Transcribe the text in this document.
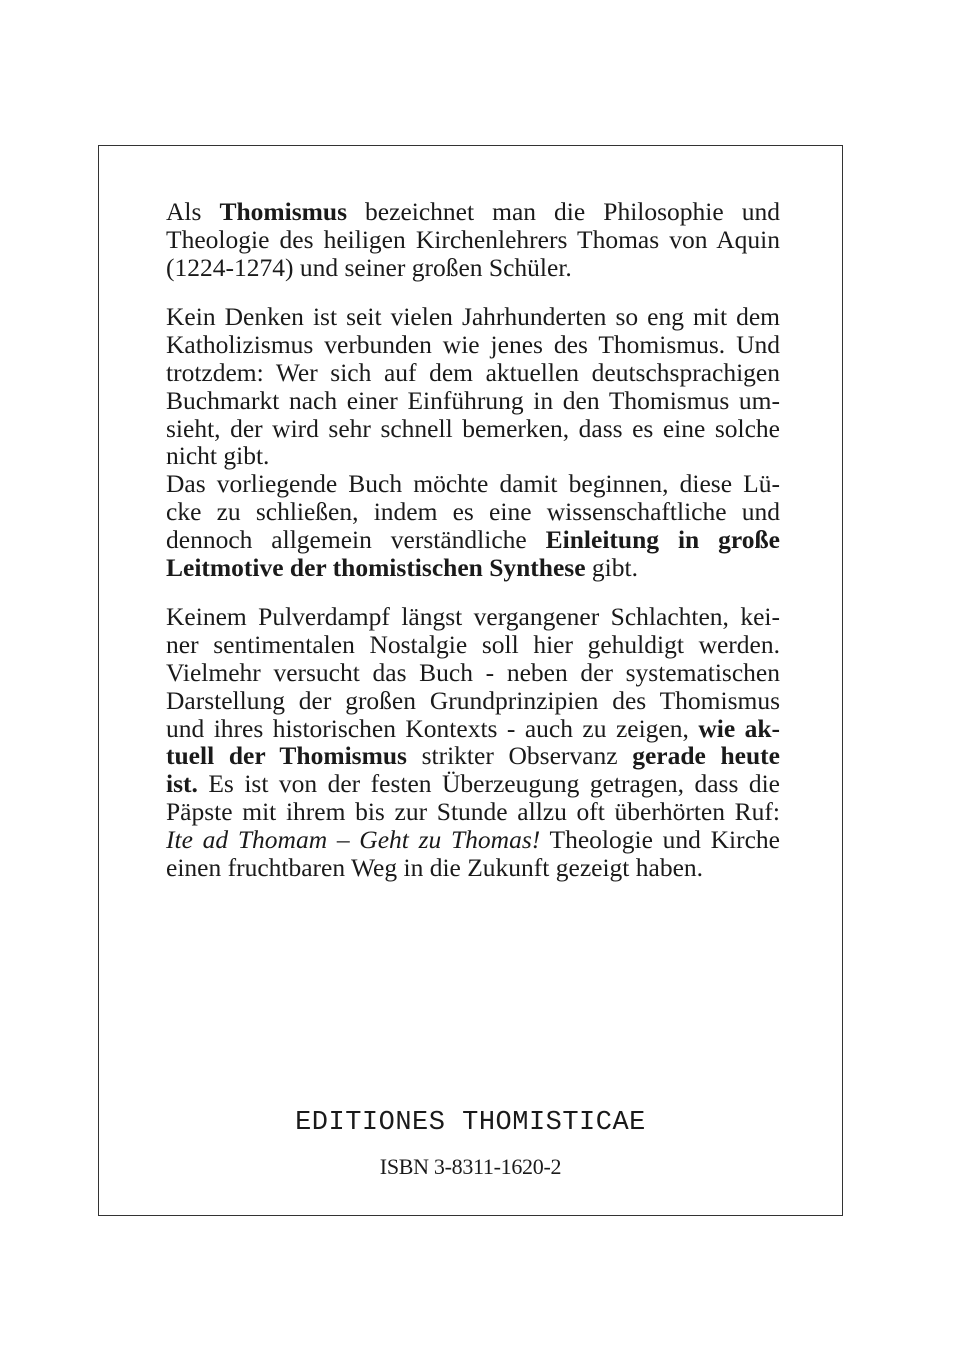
Als Thomismus bezeichnet man die Philosophie und
Theologie des heiligen Kirchenlehrers Thomas von Aquin
(1224-1274) und seiner großen Schüler.
Kein Denken ist seit vielen Jahrhunderten so eng mit dem
Katholizismus verbunden wie jenes des Thomismus. Und
trotzdem: Wer sich auf dem aktuellen deutschsprachigen
Buchmarkt nach einer Einführung in den Thomismus um-
sieht, der wird sehr schnell bemerken, dass es eine solche
nicht gibt.
Das vorliegende Buch möchte damit beginnen, diese Lü-
cke zu schließen, indem es eine wissenschaftliche und
dennoch allgemein verständliche Einleitung in große
Leitmotive der thomistischen Synthese gibt.
Keinem Pulverdampf längst vergangener Schlachten, kei-
ner sentimentalen Nostalgie soll hier gehuldigt werden.
Vielmehr versucht das Buch - neben der systematischen
Darstellung der großen Grundprinzipien des Thomismus
und ihres historischen Kontexts - auch zu zeigen, wie ak-
tuell der Thomismus strikter Observanz gerade heute
ist. Es ist von der festen Überzeugung getragen, dass die
Päpste mit ihrem bis zur Stunde allzu oft überhörten Ruf:
Ite ad Thomam – Geht zu Thomas! Theologie und Kirche
einen fruchtbaren Weg in die Zukunft gezeigt haben.
EDITIONES THOMISTICAE
ISBN 3-8311-1620-2
